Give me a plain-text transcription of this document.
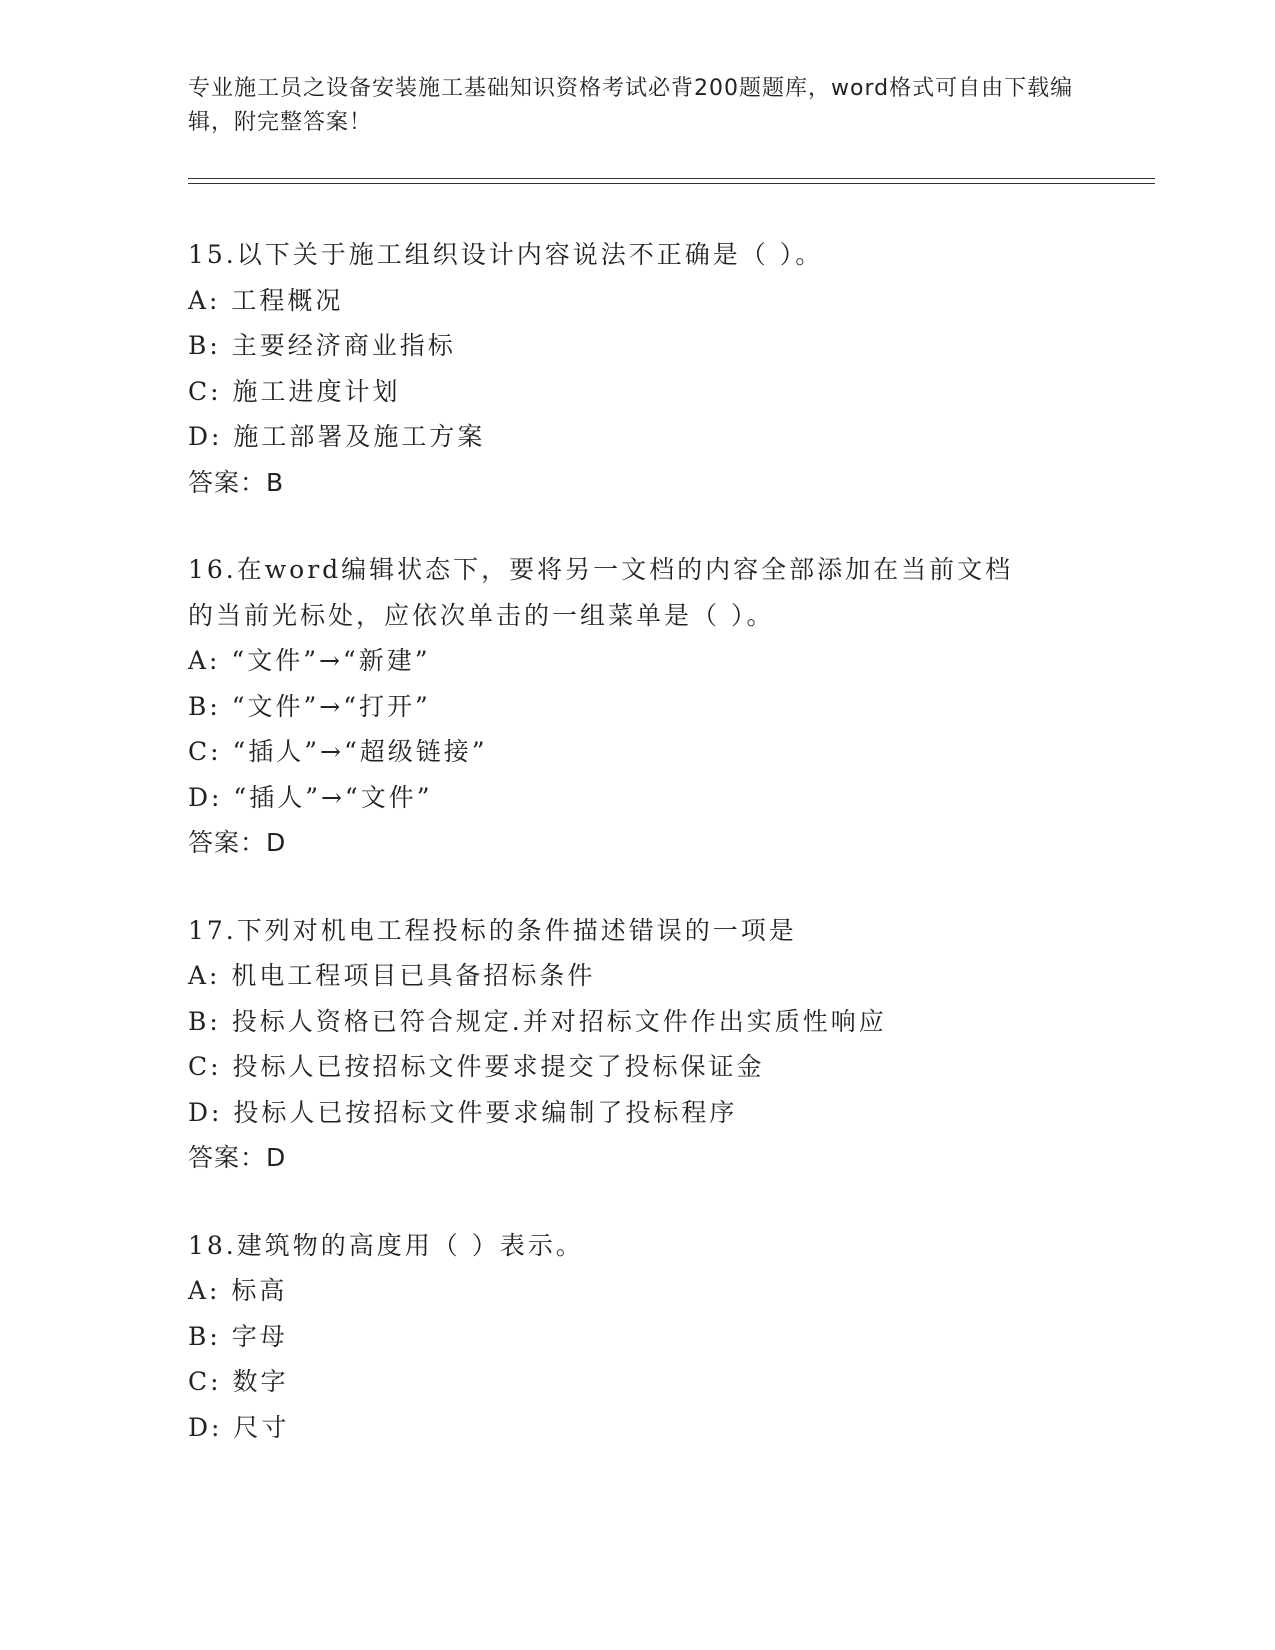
专业施工员之设备安装施工基础知识资格考试必背200题题库，word格式可自由下载编辑，附完整答案！
15.以下关于施工组织设计内容说法不正确是（ ）。
A: 工程概况
B: 主要经济商业指标
C: 施工进度计划
D: 施工部署及施工方案
答案：B
16.在word编辑状态下，要将另一文档的内容全部添加在当前文档的当前光标处，应依次单击的一组菜单是（ ）。
A: “文件”→“新建”
B: “文件”→“打开”
C: “插人”→“超级链接”
D: “插人”→“文件”
答案：D
17.下列对机电工程投标的条件描述错误的一项是
A: 机电工程项目已具备招标条件
B: 投标人资格已符合规定.并对招标文件作出实质性响应
C: 投标人已按招标文件要求提交了投标保证金
D: 投标人已按招标文件要求编制了投标程序
答案：D
18.建筑物的高度用（ ）表示。
A: 标高
B: 字母
C: 数字
D: 尺寸
